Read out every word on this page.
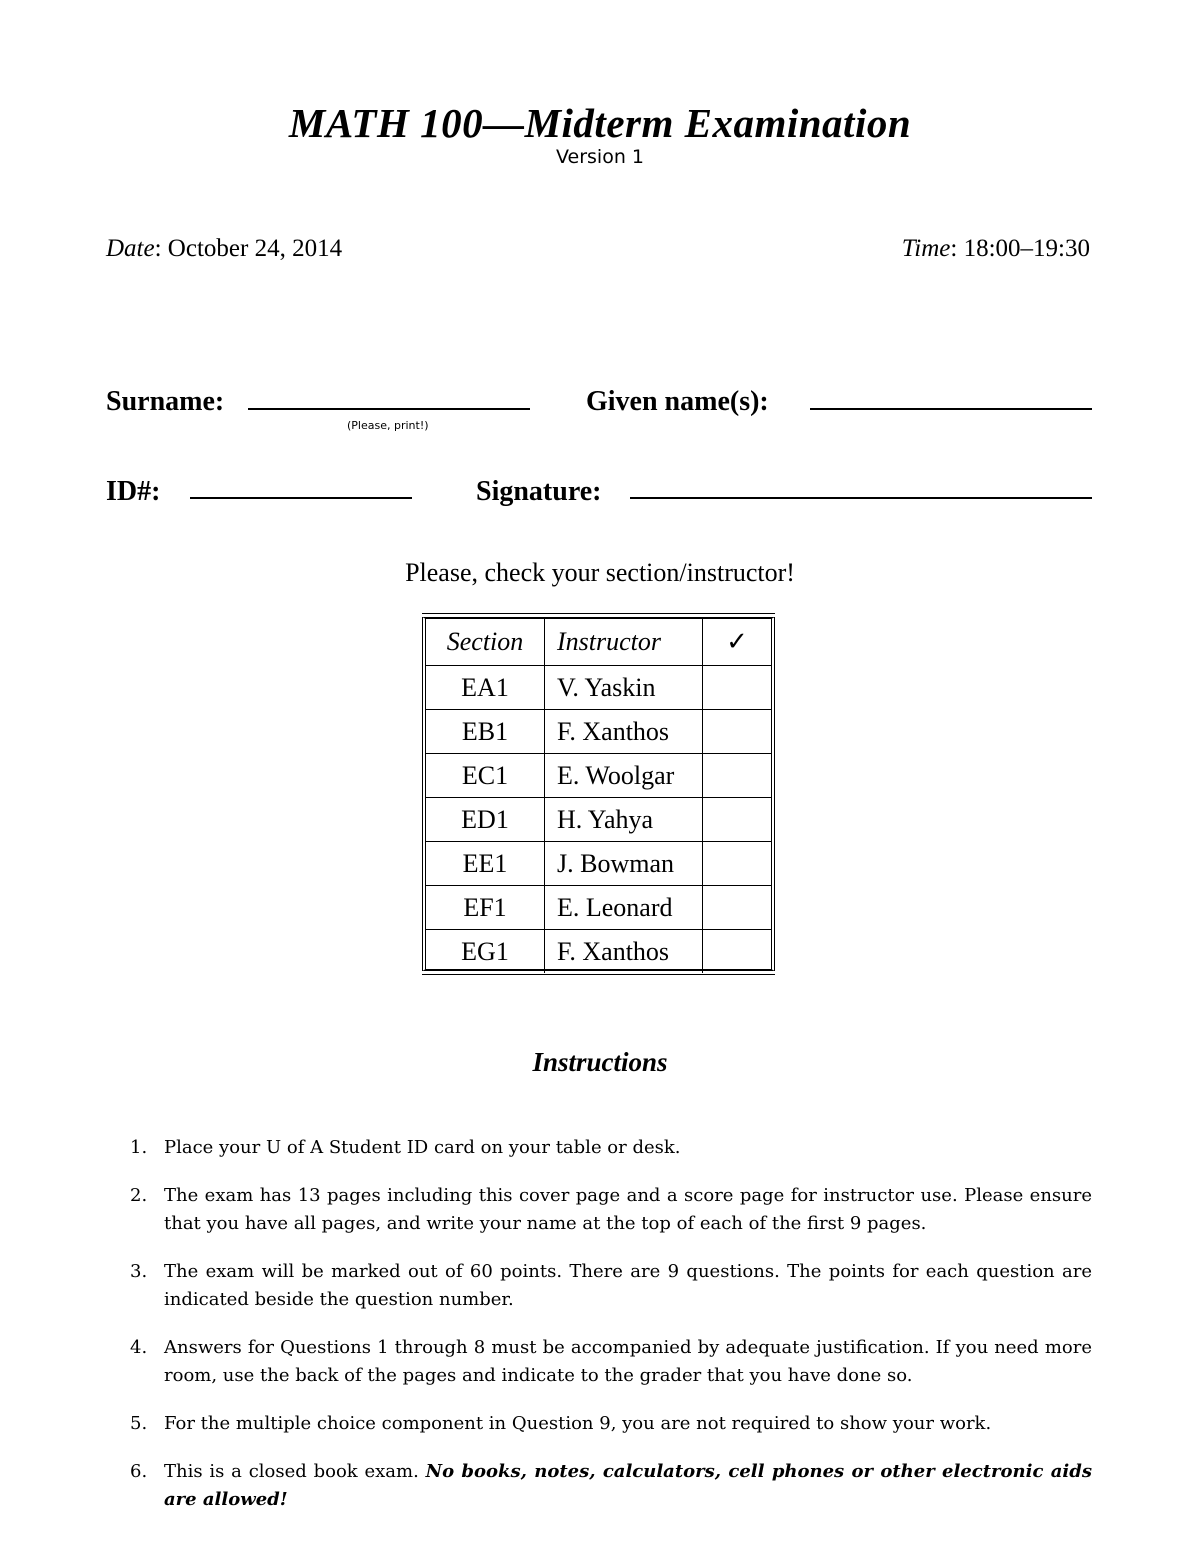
MATH 100—Midterm Examination
Version 1
Date: October 24, 2014	Time: 18:00–19:30
Surname:
(Please, print!)
Given name(s):
ID#:	Signature:
Please, check your section/instructor!
Section	Instructor	✓
EA1	V. Yaskin	
EB1	F. Xanthos	
EC1	E. Woolgar	
ED1	H. Yahya	
EE1	J. Bowman	
EF1	E. Leonard	
EG1	F. Xanthos	
Instructions
1. Place your U of A Student ID card on your table or desk.
2. The exam has 13 pages including this cover page and a score page for instructor use. Please ensure that you have all pages, and write your name at the top of each of the first 9 pages.
3. The exam will be marked out of 60 points. There are 9 questions. The points for each question are indicated beside the question number.
4. Answers for Questions 1 through 8 must be accompanied by adequate justification. If you need more room, use the back of the pages and indicate to the grader that you have done so.
5. For the multiple choice component in Question 9, you are not required to show your work.
6. This is a closed book exam. No books, notes, calculators, cell phones or other electronic aids are allowed!
